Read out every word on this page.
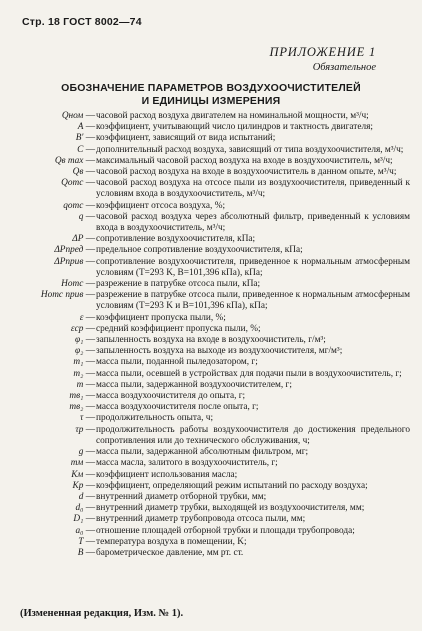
Стр. 18 ГОСТ 8002—74
ПРИЛОЖЕНИЕ 1
Обязательное
ОБОЗНАЧЕНИЕ ПАРАМЕТРОВ ВОЗДУХООЧИСТИТЕЛЕЙ
И ЕДИНИЦЫ ИЗМЕРЕНИЯ
Qном — часовой расход воздуха двигателем на номинальной мощности, м³/ч;
A — коэффициент, учитывающий число цилиндров и тактность двигателя;
B' — коэффициент, зависящий от вида испытаний;
C — дополнительный расход воздуха, зависящий от типа воздухоочистителя, м³/ч;
Qв max — максимальный часовой расход воздуха на входе в воздухоочиститель, м³/ч;
Qв — часовой расход воздуха на входе в воздухоочиститель в данном опыте, м³/ч;
Qотс — часовой расход воздуха на отсосе пыли из воздухоочистителя, приведенный к условиям входа в воздухоочиститель, м³/ч;
qотс — коэффициент отсоса воздуха, %;
q — часовой расход воздуха через абсолютный фильтр, приведенный к условиям входа в воздухоочиститель, м³/ч;
ΔP — сопротивление воздухоочистителя, кПа;
ΔPпред — предельное сопротивление воздухоочистителя, кПа;
ΔPприв — сопротивление воздухоочистителя, приведенное к нормальным атмосферным условиям (T=293 K, B=101,396 кПа), кПа;
Hотс — разрежение в патрубке отсоса пыли, кПа;
Hотс прив — разрежение в патрубке отсоса пыли, приведенное к нормальным атмосферным условиям (T=293 K и B=101,396 кПа), кПа;
ε — коэффициент пропуска пыли, %;
εср — средний коэффициент пропуска пыли, %;
φ₁ — запыленность воздуха на входе в воздухоочиститель, г/м³;
φ₂ — запыленность воздуха на выходе из воздухоочистителя, мг/м³;
m₁ — масса пыли, поданной пыледозатором, г;
m₂ — масса пыли, осевшей в устройствах для подачи пыли в воздухоочиститель, г;
m — масса пыли, задержанной воздухоочистителем, г;
mв₁ — масса воздухоочистителя до опыта, г;
mв₂ — масса воздухоочистителя после опыта, г;
τ — продолжительность опыта, ч;
τр — продолжительность работы воздухоочистителя до достижения предельного сопротивления или до технического обслуживания, ч;
g — масса пыли, задержанной абсолютным фильтром, мг;
mм — масса масла, залитого в воздухоочиститель, г;
Kм — коэффициент использования масла;
Kр — коэффициент, определяющий режим испытаний по расходу воздуха;
d — внутренний диаметр отборной трубки, мм;
d₀ — внутренний диаметр трубки, выходящей из воздухоочистителя, мм;
D₁ — внутренний диаметр трубопровода отсоса пыли, мм;
a₀ — отношение площадей отборной трубки и площади трубопровода;
T — температура воздуха в помещении, K;
B — барометрическое давление, мм рт. ст.
(Измененная редакция, Изм. № 1).
